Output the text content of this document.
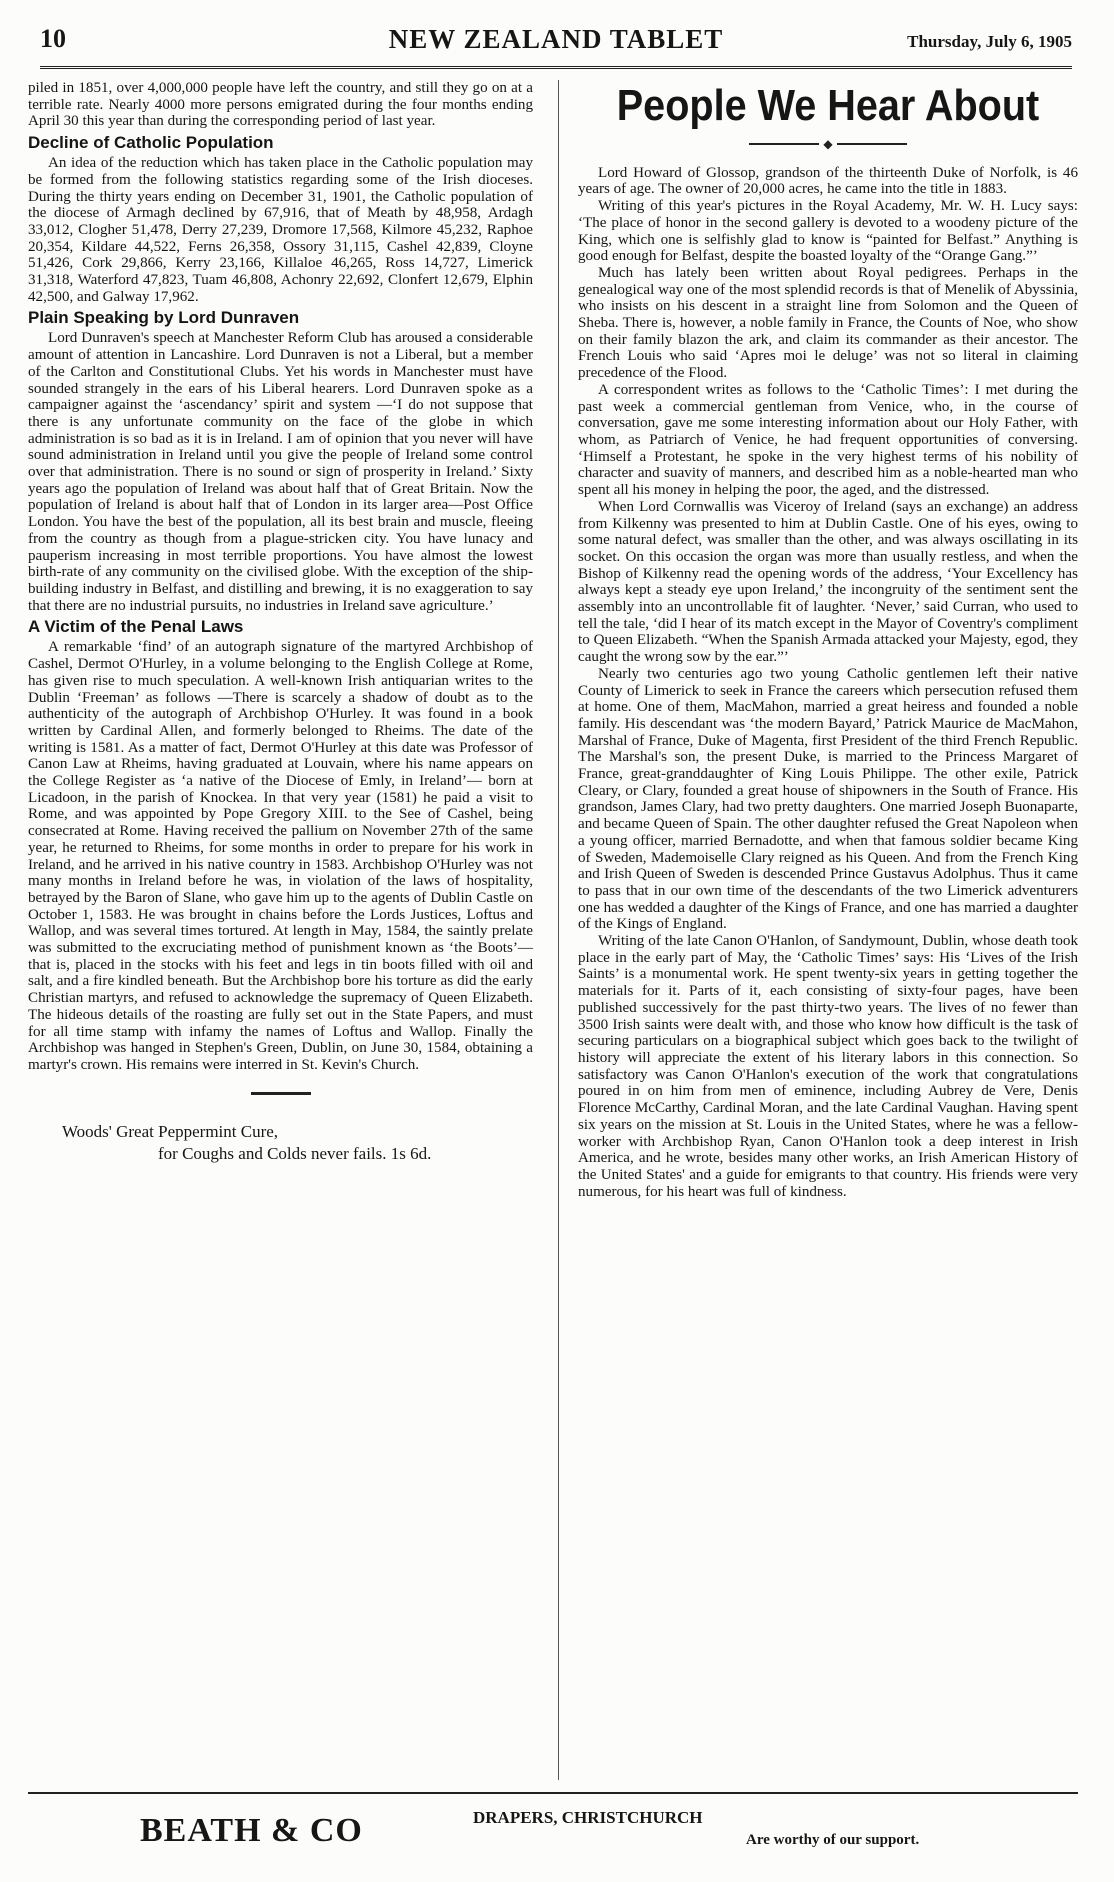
10	NEW ZEALAND TABLET	Thursday, July 6, 1905

piled in 1851, over 4,000,000 people have left the country, and still they go on at a terrible rate. Nearly 4000 more persons emigrated during the four months ending April 30 this year than during the corresponding period of last year.

Decline of Catholic Population

An idea of the reduction which has taken place in the Catholic population may be formed from the following statistics regarding some of the Irish dioceses. During the thirty years ending on December 31, 1901, the Catholic population of the diocese of Armagh declined by 67,916, that of Meath by 48,958, Ardagh 33,012, Clogher 51,478, Derry 27,239, Dromore 17,568, Kilmore 45,232, Raphoe 20,354, Kildare 44,522, Ferns 26,358, Ossory 31,115, Cashel 42,839, Cloyne 51,426, Cork 29,866, Kerry 23,166, Killaloe 46,265, Ross 14,727, Limerick 31,318, Waterford 47,823, Tuam 46,808, Achonry 22,692, Clonfert 12,679, Elphin 42,500, and Galway 17,962.

Plain Speaking by Lord Dunraven

Lord Dunraven's speech at Manchester Reform Club has aroused a considerable amount of attention in Lancashire. Lord Dunraven is not a Liberal, but a member of the Carlton and Constitutional Clubs. Yet his words in Manchester must have sounded strangely in the ears of his Liberal hearers. Lord Dunraven spoke as a campaigner against the ‘ascendancy’ spirit and system —‘I do not suppose that there is any unfortunate community on the face of the globe in which administration is so bad as it is in Ireland. I am of opinion that you never will have sound administration in Ireland until you give the people of Ireland some control over that administration. There is no sound or sign of prosperity in Ireland.’ Sixty years ago the population of Ireland was about half that of Great Britain. Now the population of Ireland is about half that of London in its larger area—Post Office London. You have the best of the population, all its best brain and muscle, fleeing from the country as though from a plague-stricken city. You have lunacy and pauperism increasing in most terrible proportions. You have almost the lowest birth-rate of any community on the civilised globe. With the exception of the ship-building industry in Belfast, and distilling and brewing, it is no exaggeration to say that there are no industrial pursuits, no industries in Ireland save agriculture.’

A Victim of the Penal Laws

A remarkable ‘find’ of an autograph signature of the martyred Archbishop of Cashel, Dermot O'Hurley, in a volume belonging to the English College at Rome, has given rise to much speculation. A well-known Irish antiquarian writes to the Dublin ‘Freeman’ as follows —There is scarcely a shadow of doubt as to the authenticity of the autograph of Archbishop O'Hurley. It was found in a book written by Cardinal Allen, and formerly belonged to Rheims. The date of the writing is 1581. As a matter of fact, Dermot O'Hurley at this date was Professor of Canon Law at Rheims, having graduated at Louvain, where his name appears on the College Register as ‘a native of the Diocese of Emly, in Ireland’— born at Licadoon, in the parish of Knockea. In that very year (1581) he paid a visit to Rome, and was appointed by Pope Gregory XIII. to the See of Cashel, being consecrated at Rome. Having received the pallium on November 27th of the same year, he returned to Rheims, for some months in order to prepare for his work in Ireland, and he arrived in his native country in 1583. Archbishop O'Hurley was not many months in Ireland before he was, in violation of the laws of hospitality, betrayed by the Baron of Slane, who gave him up to the agents of Dublin Castle on October 1, 1583. He was brought in chains before the Lords Justices, Loftus and Wallop, and was several times tortured. At length in May, 1584, the saintly prelate was submitted to the excruciating method of punishment known as ‘the Boots’—that is, placed in the stocks with his feet and legs in tin boots filled with oil and salt, and a fire kindled beneath. But the Archbishop bore his torture as did the early Christian martyrs, and refused to acknowledge the supremacy of Queen Elizabeth. The hideous details of the roasting are fully set out in the State Papers, and must for all time stamp with infamy the names of Loftus and Wallop. Finally the Archbishop was hanged in Stephen's Green, Dublin, on June 30, 1584, obtaining a martyr's crown. His remains were interred in St. Kevin's Church.

Woods' Great Peppermint Cure,
for Coughs and Colds never fails. 1s 6d.
People We Hear About
◆

Lord Howard of Glossop, grandson of the thirteenth Duke of Norfolk, is 46 years of age. The owner of 20,000 acres, he came into the title in 1883.

Writing of this year's pictures in the Royal Academy, Mr. W. H. Lucy says: ‘The place of honor in the second gallery is devoted to a woodeny picture of the King, which one is selfishly glad to know is “painted for Belfast.” Anything is good enough for Belfast, despite the boasted loyalty of the “Orange Gang.”’

Much has lately been written about Royal pedigrees. Perhaps in the genealogical way one of the most splendid records is that of Menelik of Abyssinia, who insists on his descent in a straight line from Solomon and the Queen of Sheba. There is, however, a noble family in France, the Counts of Noe, who show on their family blazon the ark, and claim its commander as their ancestor. The French Louis who said ‘Apres moi le deluge’ was not so literal in claiming precedence of the Flood.

A correspondent writes as follows to the ‘Catholic Times’: I met during the past week a commercial gentleman from Venice, who, in the course of conversation, gave me some interesting information about our Holy Father, with whom, as Patriarch of Venice, he had frequent opportunities of conversing. ‘Himself a Protestant, he spoke in the very highest terms of his nobility of character and suavity of manners, and described him as a noble-hearted man who spent all his money in helping the poor, the aged, and the distressed.

When Lord Cornwallis was Viceroy of Ireland (says an exchange) an address from Kilkenny was presented to him at Dublin Castle. One of his eyes, owing to some natural defect, was smaller than the other, and was always oscillating in its socket. On this occasion the organ was more than usually restless, and when the Bishop of Kilkenny read the opening words of the address, ‘Your Excellency has always kept a steady eye upon Ireland,’ the incongruity of the sentiment sent the assembly into an uncontrollable fit of laughter. ‘Never,’ said Curran, who used to tell the tale, ‘did I hear of its match except in the Mayor of Coventry's compliment to Queen Elizabeth. “When the Spanish Armada attacked your Majesty, egod, they caught the wrong sow by the ear.”’

Nearly two centuries ago two young Catholic gentlemen left their native County of Limerick to seek in France the careers which persecution refused them at home. One of them, MacMahon, married a great heiress and founded a noble family. His descendant was ‘the modern Bayard,’ Patrick Maurice de MacMahon, Marshal of France, Duke of Magenta, first President of the third French Republic. The Marshal's son, the present Duke, is married to the Princess Margaret of France, great-granddaughter of King Louis Philippe. The other exile, Patrick Cleary, or Clary, founded a great house of shipowners in the South of France. His grandson, James Clary, had two pretty daughters. One married Joseph Buonaparte, and became Queen of Spain. The other daughter refused the Great Napoleon when a young officer, married Bernadotte, and when that famous soldier became King of Sweden, Mademoiselle Clary reigned as his Queen. And from the French King and Irish Queen of Sweden is descended Prince Gustavus Adolphus. Thus it came to pass that in our own time of the descendants of the two Limerick adventurers one has wedded a daughter of the Kings of France, and one has married a daughter of the Kings of England.

Writing of the late Canon O'Hanlon, of Sandymount, Dublin, whose death took place in the early part of May, the ‘Catholic Times’ says: His ‘Lives of the Irish Saints’ is a monumental work. He spent twenty-six years in getting together the materials for it. Parts of it, each consisting of sixty-four pages, have been published successively for the past thirty-two years. The lives of no fewer than 3500 Irish saints were dealt with, and those who know how difficult is the task of securing particulars on a biographical subject which goes back to the twilight of history will appreciate the extent of his literary labors in this connection. So satisfactory was Canon O'Hanlon's execution of the work that congratulations poured in on him from men of eminence, including Aubrey de Vere, Denis Florence McCarthy, Cardinal Moran, and the late Cardinal Vaughan. Having spent six years on the mission at St. Louis in the United States, where he was a fellow-worker with Archbishop Ryan, Canon O'Hanlon took a deep interest in Irish America, and he wrote, besides many other works, an Irish American History of the United States' and a guide for emigrants to that country. His friends were very numerous, for his heart was full of kindness.

BEATH & CO	DRAPERS, CHRISTCHURCH
Are worthy of our support.
